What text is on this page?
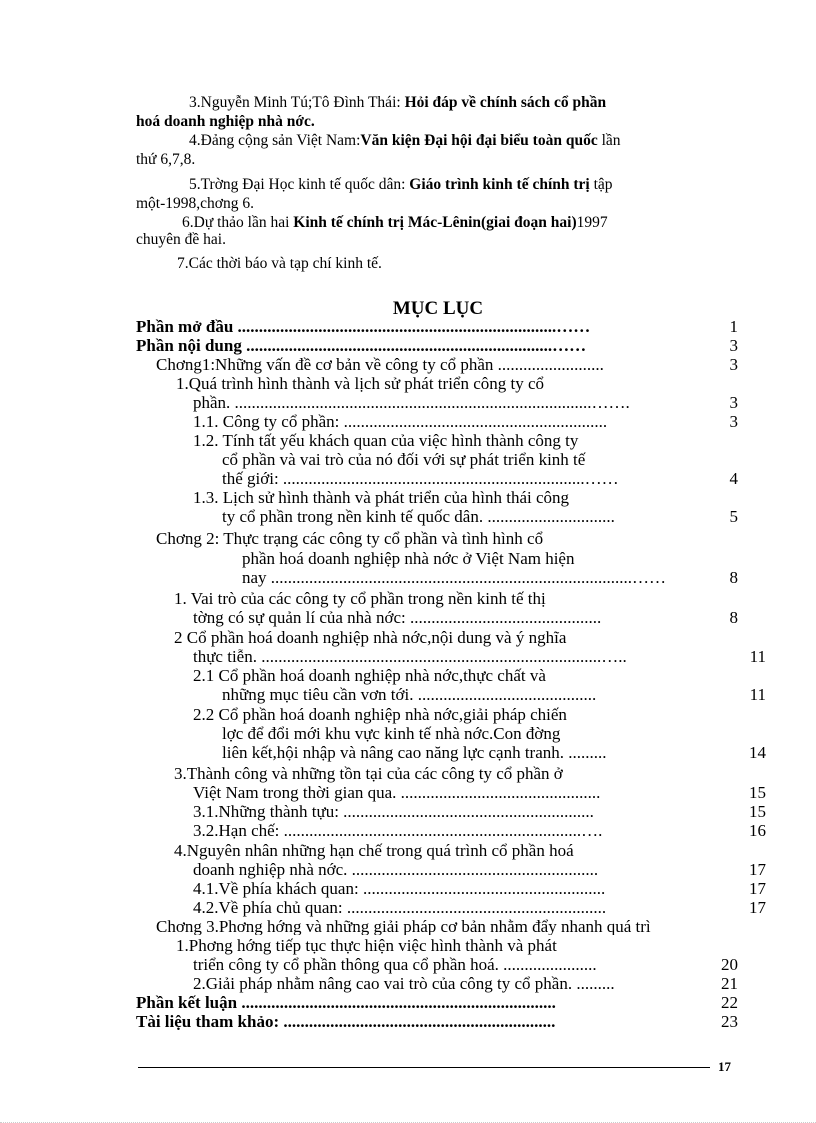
3.Nguyễn Minh Tú;Tô Đình Thái: Hỏi đáp về chính sách cổ phần
hoá doanh nghiệp nhà nớc.
4.Đảng cộng sản Việt Nam:Văn kiện Đại hội đại biểu toàn quốc lần
thứ 6,7,8.
5.Trờng Đại Học kinh tế quốc dân: Giáo trình kinh tế chính trị tập
một-1998,chơng 6.
6.Dự thảo lần hai Kinh tế chính trị Mác-Lênin(giai đoạn hai)1997
chuyên đề hai.
7.Các thời báo và tạp chí kinh tế.
MỤC LỤC
Phần mở đầu ...........................................................................……	1
Phần nội dung ........................................................................……	3
Chơng1:Những vấn đề cơ bản về công ty cổ phần .........................	3
1.Quá trình hình thành và lịch sử phát triển công ty cổ
phần. ....................................................................................…….	3
1.1. Công ty cổ phần: ..............................................................	3
1.2. Tính tất yếu khách quan của việc hình thành công ty
cổ phần và vai trò của nó đối với sự phát triển kinh tế
thế giới: .......................................................................……	4
1.3. Lịch sử hình thành và phát triển của hình thái công
ty cổ phần trong nền kinh tế quốc dân. ..............................	5
Chơng 2: Thực trạng các công ty cổ phần và tình hình cổ
phần hoá doanh nghiệp nhà nớc ở Việt Nam hiện
nay .....................................................................................……	8
1. Vai trò của các công ty cổ phần trong nền kinh tế thị
tờng có sự quản lí của nhà nớc: .............................................	8
2 Cổ phần hoá doanh nghiệp nhà nớc,nội dung và ý nghĩa
thực tiễn. ................................................................................…..	11
2.1 Cổ phần hoá doanh nghiệp nhà nớc,thực chất và
những mục tiêu cần vơn tới. ..........................................	11
2.2 Cổ phần hoá doanh nghiệp nhà nớc,giải pháp chiến
lợc để đổi mới khu vực kinh tế nhà nớc.Con đờng
liên kết,hội nhập và nâng cao năng lực cạnh tranh. .........	14
3.Thành công và những tồn tại của các công ty cổ phần ở
Việt Nam trong thời gian qua. ...............................................	15
3.1.Những thành tựu: ...........................................................	15
3.2.Hạn chế: ......................................................................….	16
4.Nguyên nhân những hạn chế trong quá trình cổ phần hoá
doanh nghiệp nhà nớc. ..........................................................	17
4.1.Về phía khách quan: .........................................................	17
4.2.Về phía chủ quan: .............................................................	17
Chơng 3.Phơng hớng và những giải pháp cơ bản nhằm đẩy nhanh quá trì
1.Phơng hớng tiếp tục thực hiện việc hình thành và phát
triển công ty cổ phần thông qua cổ phần hoá. ......................	20
2.Giải pháp nhằm nâng cao vai trò của công ty cổ phần. .........	21
Phần kết luận ..........................................................................	22
Tài liệu tham khảo: ................................................................	23
17
